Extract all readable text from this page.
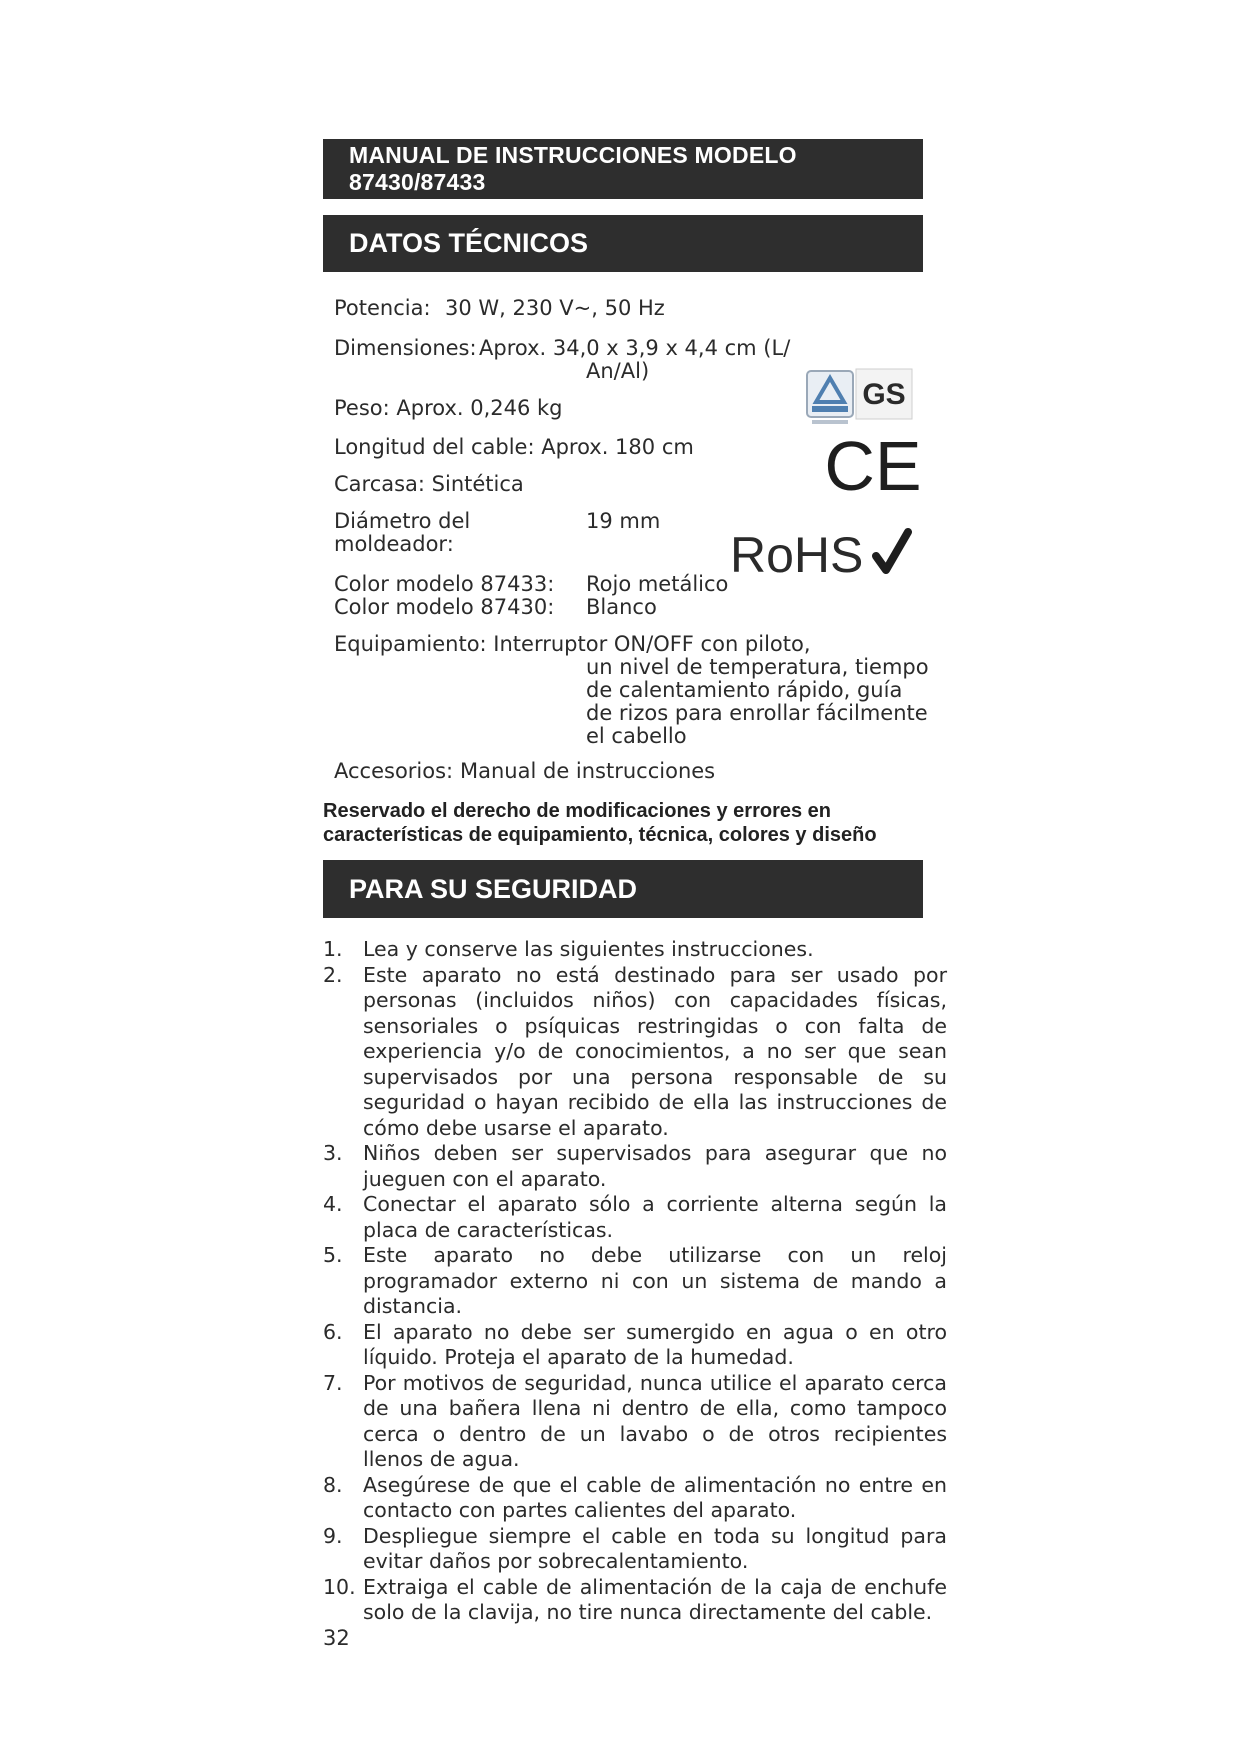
MANUAL DE INSTRUCCIONES MODELO 87430/87433
DATOS TÉCNICOS
Potencia: 30 W, 230 V~, 50 Hz
Dimensiones: Aprox. 34,0 x 3,9 x 4,4 cm (L/
An/Al)
Peso: Aprox. 0,246 kg
Longitud del cable: Aprox. 180 cm
Carcasa: Sintética
Diámetro del
moldeador:
19 mm
Color modelo 87433: Rojo metálico
Color modelo 87430: Blanco
Equipamiento: Interruptor ON/OFF con piloto,
un nivel de temperatura, tiempo
de calentamiento rápido, guía
de rizos para enrollar fácilmente
el cabello
Accesorios: Manual de instrucciones
GS
CE
RoHS
Reservado el derecho de modificaciones y errores en
características de equipamiento, técnica, colores y diseño
PARA SU SEGURIDAD
1. Lea y conserve las siguientes instrucciones.
2. Este aparato no está destinado para ser usado por personas (incluidos niños) con capacidades físicas, sensoriales o psíquicas restringidas o con falta de experiencia y/o de conocimientos, a no ser que sean supervisados por una persona responsable de su seguridad o hayan recibido de ella las instrucciones de cómo debe usarse el aparato.
3. Niños deben ser supervisados para asegurar que no jueguen con el aparato.
4. Conectar el aparato sólo a corriente alterna según la placa de características.
5. Este aparato no debe utilizarse con un reloj programador externo ni con un sistema de mando a distancia.
6. El aparato no debe ser sumergido en agua o en otro líquido. Proteja el aparato de la humedad.
7. Por motivos de seguridad, nunca utilice el aparato cerca de una bañera llena ni dentro de ella, como tampoco cerca o dentro de un lavabo o de otros recipientes llenos de agua.
8. Asegúrese de que el cable de alimentación no entre en contacto con partes calientes del aparato.
9. Despliegue siempre el cable en toda su longitud para evitar daños por sobrecalentamiento.
10. Extraiga el cable de alimentación de la caja de enchufe solo de la clavija, no tire nunca directamente del cable.
32
